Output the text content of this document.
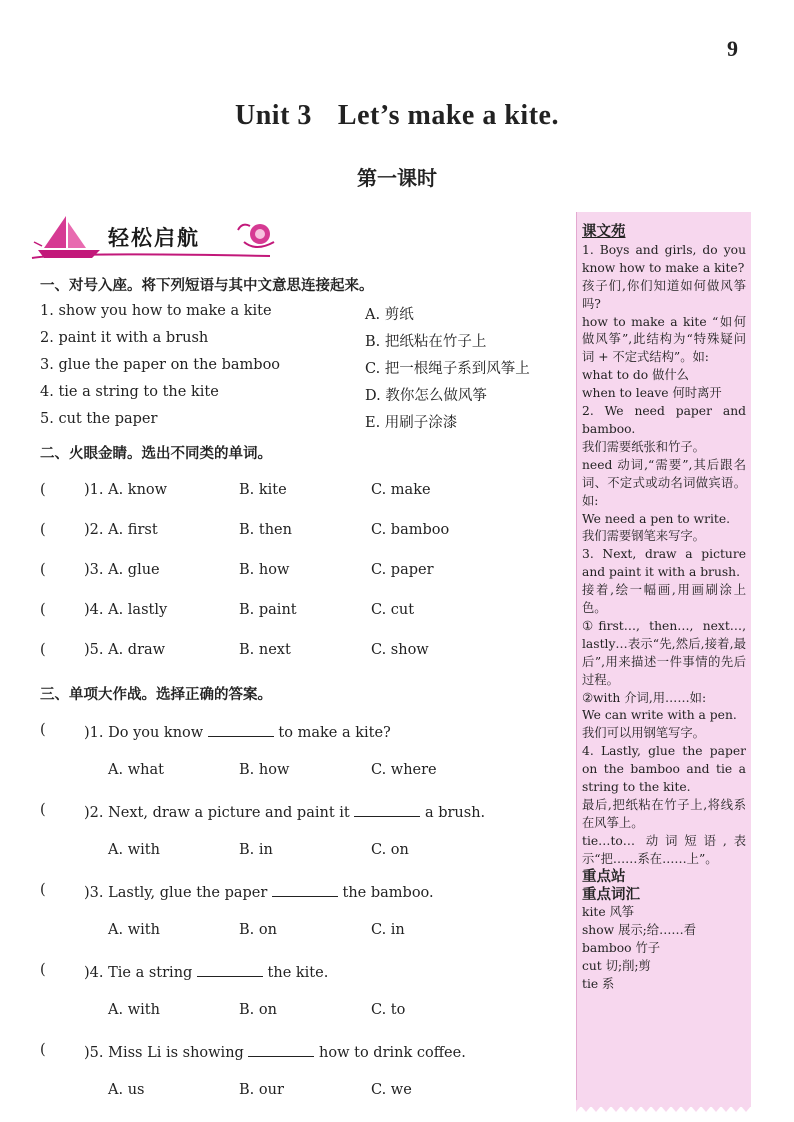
9
Unit 3 Let’s make a kite.
第一课时
轻松启航
一、对号入座。将下列短语与其中文意思连接起来。
1. show you how to make a kite
2. paint it with a brush
3. glue the paper on the bamboo
4. tie a string to the kite
5. cut the paper
A. 剪纸
B. 把纸粘在竹子上
C. 把一根绳子系到风筝上
D. 教你怎么做风筝
E. 用刷子涂漆
二、火眼金睛。选出不同类的单词。
(	)1. A. know	B. kite	C. make
(	)2. A. first	B. then	C. bamboo
(	)3. A. glue	B. how	C. paper
(	)4. A. lastly	B. paint	C. cut
(	)5. A. draw	B. next	C. show
三、单项大作战。选择正确的答案。
(	)1. Do you know	to make a kite?
A. what	B. how	C. where
(	)2. Next, draw a picture and paint it	a brush.
A. with	B. in	C. on
(	)3. Lastly, glue the paper	the bamboo.
A. with	B. on	C. in
(	)4. Tie a string	the kite.
A. with	B. on	C. to
(	)5. Miss Li is showing	how to drink coffee.
A. us	B. our	C. we
课文苑

1. Boys and girls, do you know how to make a kite?

孩子们,你们知道如何做风筝吗?

how to make a kite “如何做风筝”,此结构为“特殊疑问词 + 不定式结构”。如:

what to do 做什么

when to leave 何时离开

2. We need paper and bamboo.

我们需要纸张和竹子。

need 动词,“需要”,其后跟名词、不定式或动名词做宾语。如:

We need a pen to write.

我们需要钢笔来写字。

3. Next, draw a picture and paint it with a brush.

接着,绘一幅画,用画刷涂上色。

①first…, then…, next…, lastly…表示“先,然后,接着,最后”,用来描述一件事情的先后过程。

②with 介词,用……如:

We can write with a pen.

我们可以用钢笔写字。

4. Lastly, glue the paper on the bamboo and tie a string to the kite.

最后,把纸粘在竹子上,将线系在风筝上。

tie…to… 动词短语,表示“把……系在……上”。

重点站
重点词汇

kite 风筝

show 展示;给……看

bamboo 竹子

cut 切;削;剪

tie 系
